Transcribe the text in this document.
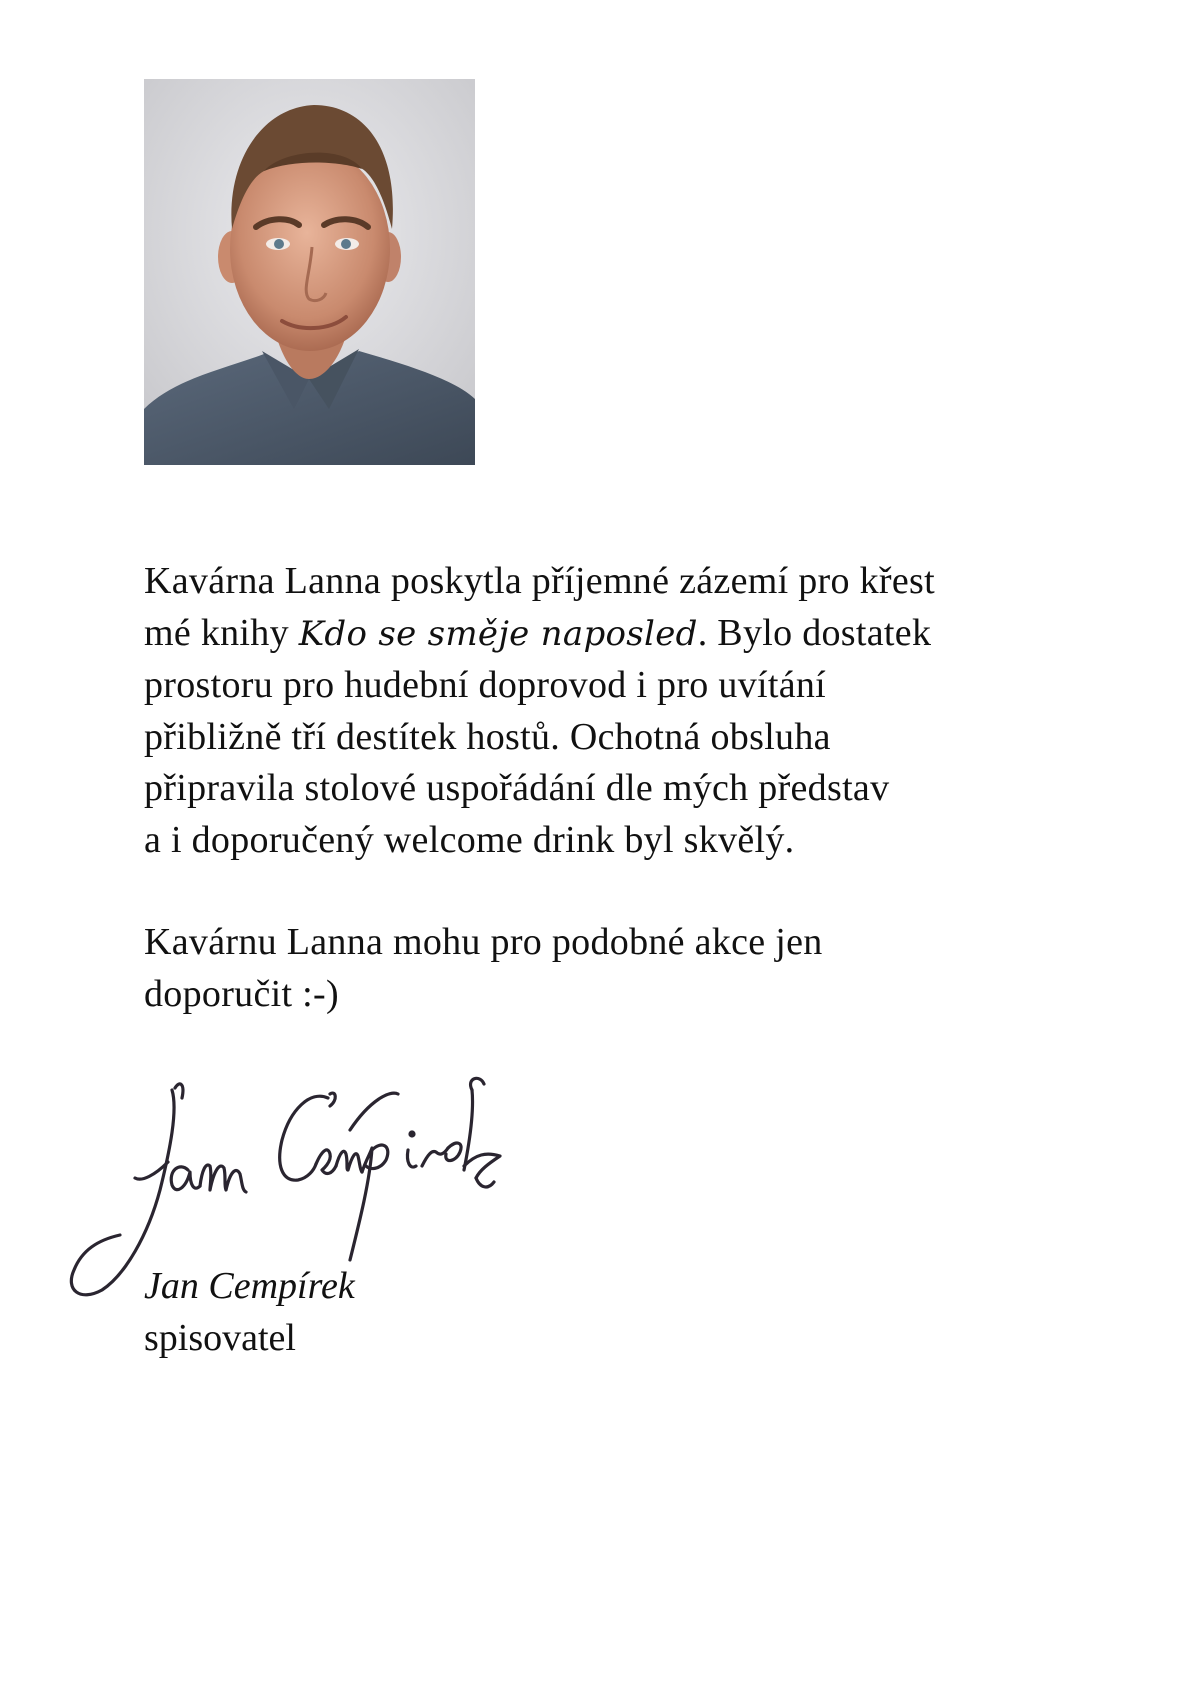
Kavárna Lanna poskytla příjemné zázemí pro křest
mé knihy Kdo se směje naposled. Bylo dostatek
prostoru pro hudební doprovod i pro uvítání
přibližně tří destítek hostů. Ochotná obsluha
připravila stolové uspořádání dle mých představ
a i doporučený welcome drink byl skvělý.

Kavárnu Lanna mohu pro podobné akce jen
doporučit :-)

Jan Cempírek
spisovatel
